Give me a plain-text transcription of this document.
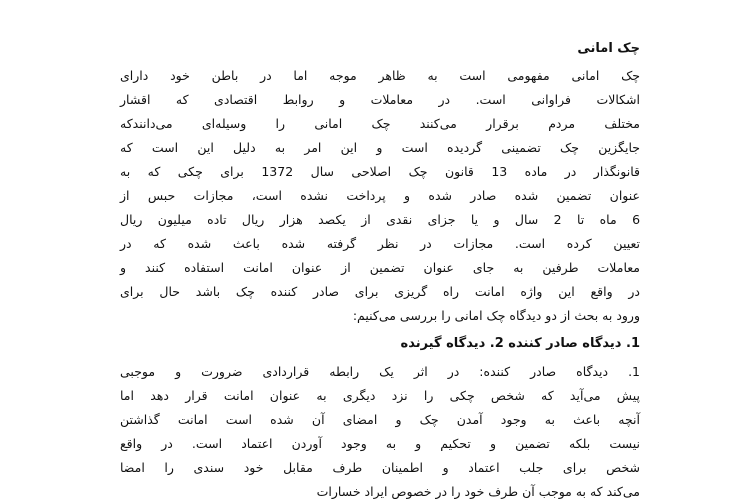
چک امانی
چک امانی مفهومی است به ظاهر موجه اما در باطن خود دارای
اشکالات فراوانی است. در معاملات و روابط اقتصادی که اقشار
مختلف مردم برقرار می‌کنند چک امانی را وسیله‌ای می‌دانندکه
جایگزین چک تضمینی گردیده است و این امر به دلیل این است که
قانونگذار در ماده 13 قانون چک اصلاحی سال 1372 برای چکی که به
عنوان تضمین شده صادر شده و پرداخت نشده است، مجازات حبس از
6 ماه تا 2 سال و یا جزای نقدی از یکصد هزار ریال تاده میلیون ریال
تعیین کرده است. مجازات در نظر گرفته شده باعث شده که در
معاملات طرفین به جای عنوان تضمین از عنوان امانت استفاده کنند و
در واقع این واژه امانت راه گریزی برای صادر کننده چک باشد حال برای
ورود به بحث از دو دیدگاه چک امانی را بررسی می‌کنیم:
1. دیدگاه صادر کننده 2. دیدگاه گیرنده
1. دیدگاه صادر کننده: در اثر یک رابطه قراردادی ضرورت و موجبی
پیش می‌آید که شخص چکی را نزد دیگری به عنوان امانت قرار دهد اما
آنچه باعث به وجود آمدن چک و امضای آن شده است امانت گذاشتن
نیست بلکه تضمین و تحکیم و به وجود آوردن اعتماد است. در واقع
شخص برای جلب اعتماد و اطمینان طرف مقابل خود سندی را امضا
می‌کند که به موجب آن طرف خود را در خصوص ایراد خسارات
